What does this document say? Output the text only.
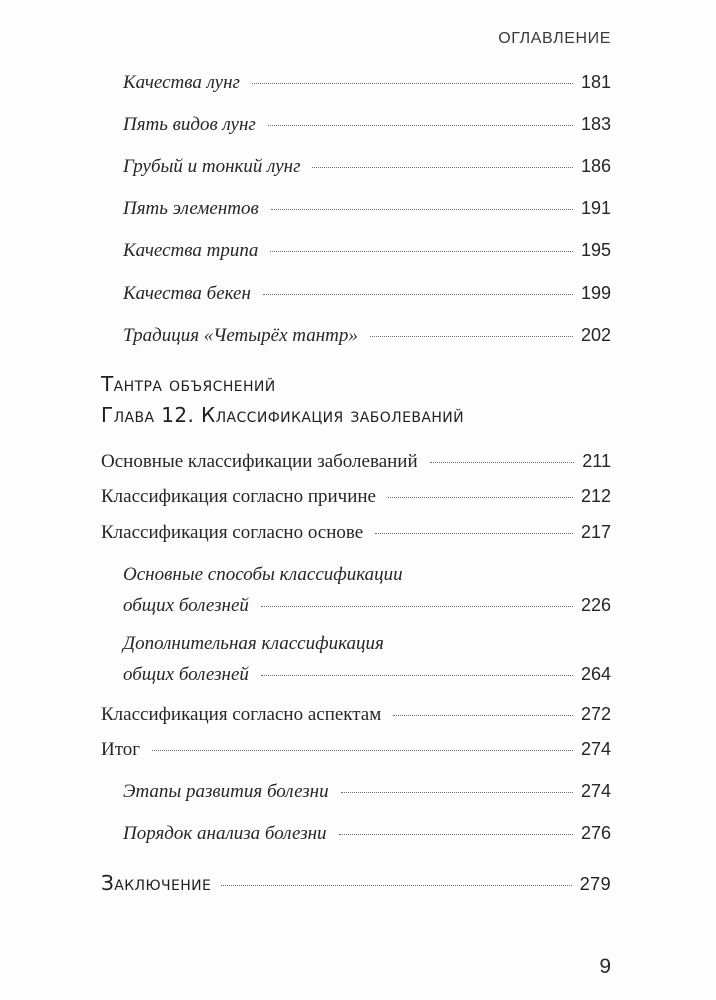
ОГЛАВЛЕНИЕ
Качества лунг	181
Пять видов лунг	183
Грубый и тонкий лунг	186
Пять элементов	191
Качества трипа	195
Качества бекен	199
Традиция «Четырёх тантр»	202
Тантра объяснений
Глава 12. Классификация заболеваний
Основные классификации заболеваний	211
Классификация согласно причине	212
Классификация согласно основе	217
Основные способы классификации
общих болезней	226
Дополнительная классификация
общих болезней	264
Классификация согласно аспектам	272
Итог	274
Этапы развития болезни	274
Порядок анализа болезни	276
Заключение	279
9
